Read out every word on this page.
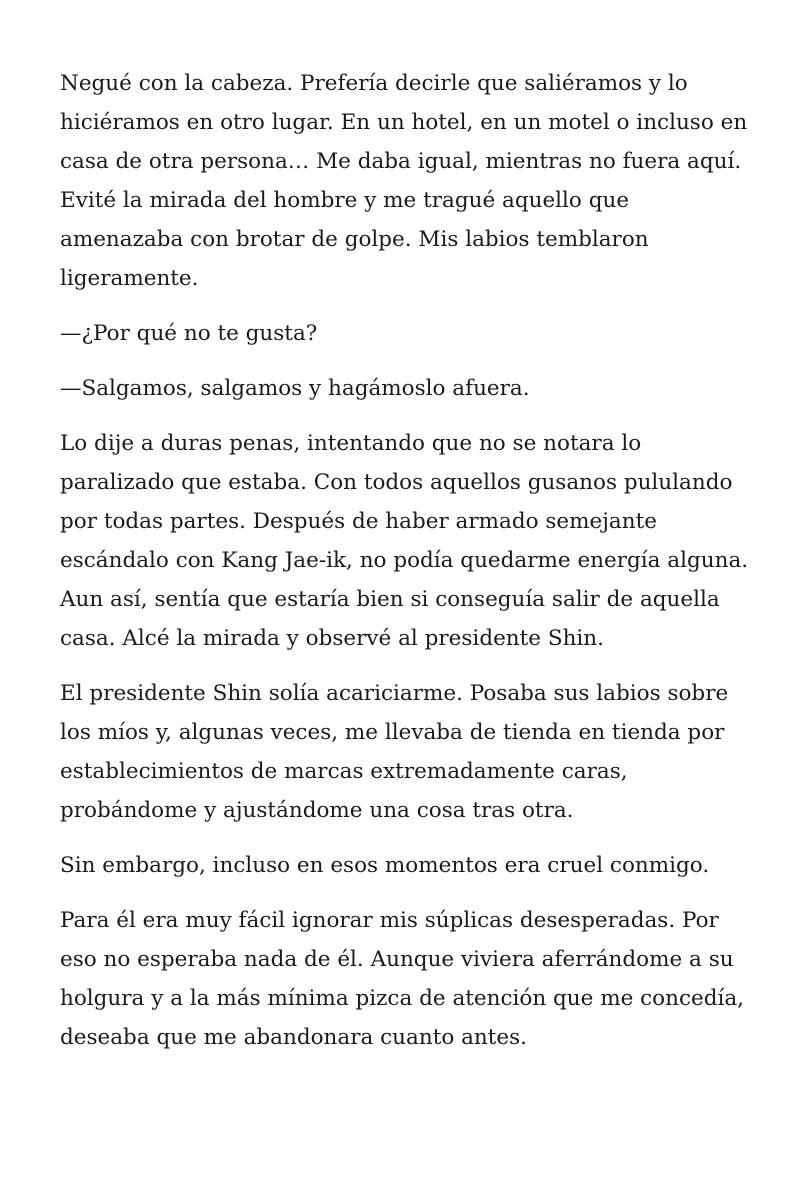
Negué con la cabeza. Prefería decirle que saliéramos y lo hiciéramos en otro lugar. En un hotel, en un motel o incluso en casa de otra persona… Me daba igual, mientras no fuera aquí. Evité la mirada del hombre y me tragué aquello que amenazaba con brotar de golpe. Mis labios temblaron ligeramente.

—¿Por qué no te gusta?

—Salgamos, salgamos y hagámoslo afuera.

Lo dije a duras penas, intentando que no se notara lo paralizado que estaba. Con todos aquellos gusanos pululando por todas partes. Después de haber armado semejante escándalo con Kang Jae-ik, no podía quedarme energía alguna. Aun así, sentía que estaría bien si conseguía salir de aquella casa. Alcé la mirada y observé al presidente Shin.

El presidente Shin solía acariciarme. Posaba sus labios sobre los míos y, algunas veces, me llevaba de tienda en tienda por establecimientos de marcas extremadamente caras, probándome y ajustándome una cosa tras otra.

Sin embargo, incluso en esos momentos era cruel conmigo.

Para él era muy fácil ignorar mis súplicas desesperadas. Por eso no esperaba nada de él. Aunque viviera aferrándome a su holgura y a la más mínima pizca de atención que me concedía, deseaba que me abandonara cuanto antes.
